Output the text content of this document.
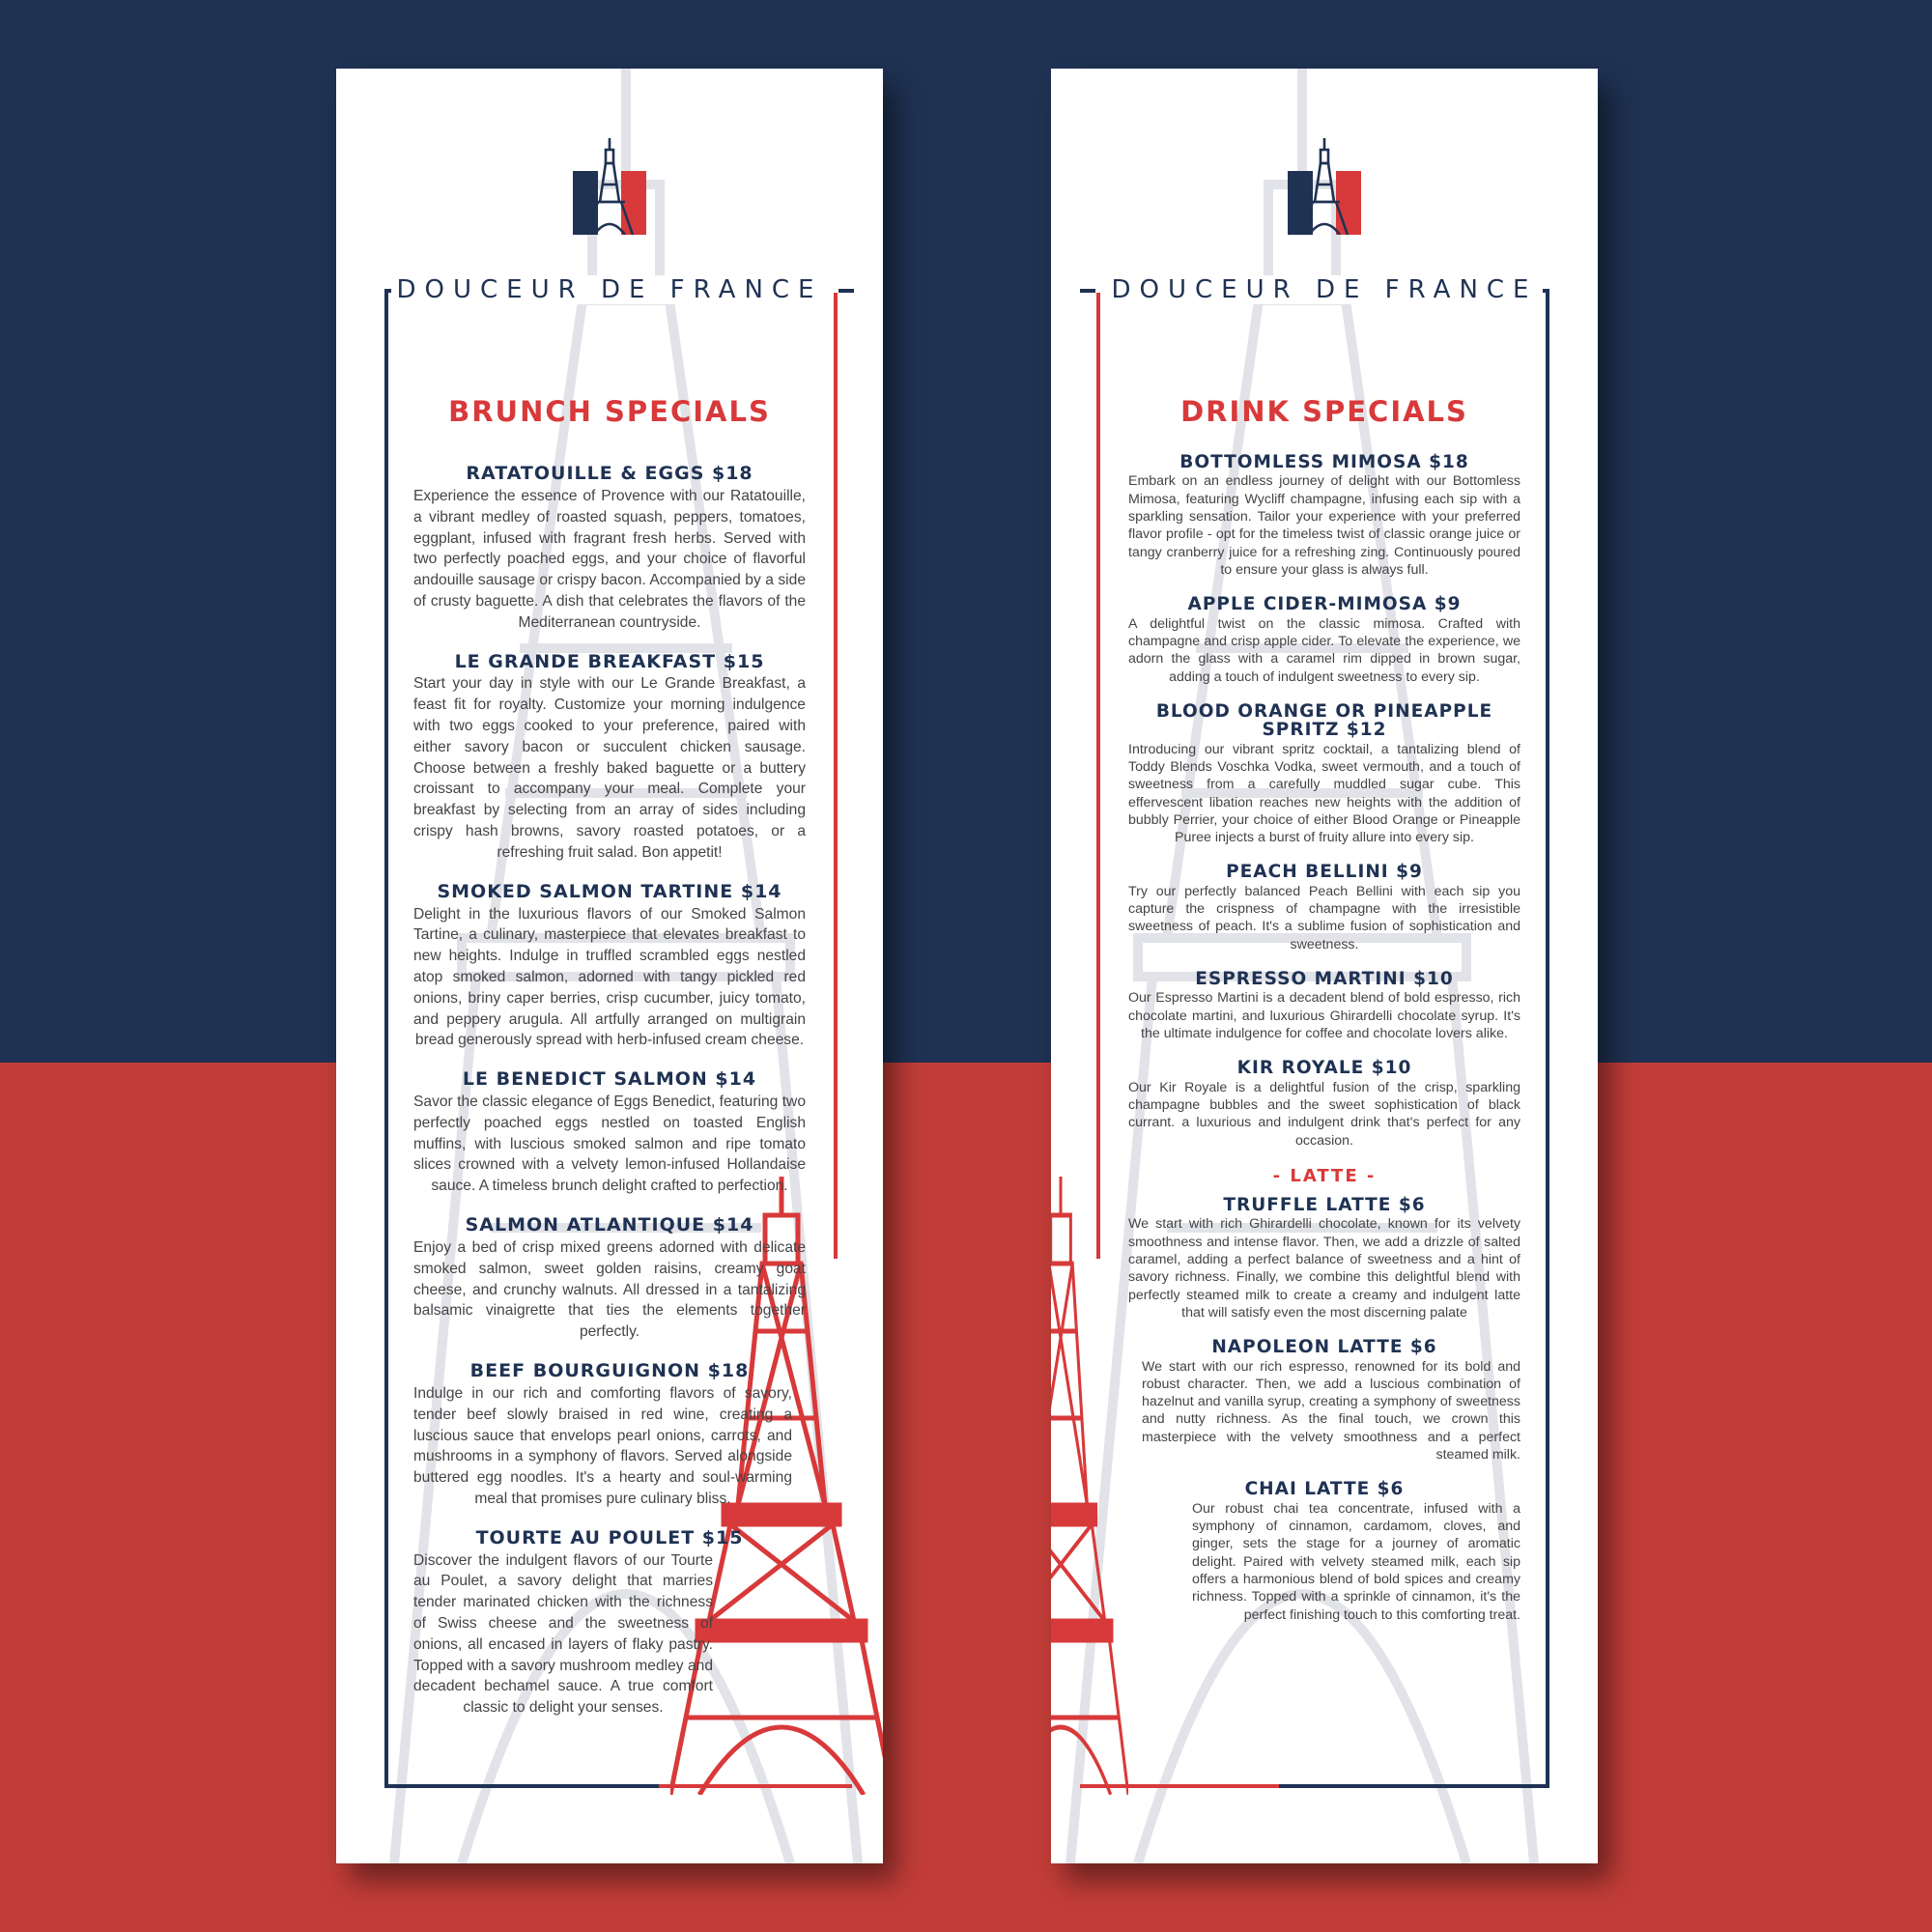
DOUCEUR DE FRANCE
BRUNCH SPECIALS
RATATOUILLE & EGGS $18
Experience the essence of Provence with our Ratatouille, a vibrant medley of roasted squash, peppers, tomatoes, eggplant, infused with fragrant fresh herbs. Served with two perfectly poached eggs, and your choice of flavorful andouille sausage or crispy bacon. Accompanied by a side of crusty baguette. A dish that celebrates the flavors of the Mediterranean countryside.
LE GRANDE BREAKFAST $15
Start your day in style with our Le Grande Breakfast, a feast fit for royalty. Customize your morning indulgence with two eggs cooked to your preference, paired with either savory bacon or succulent chicken sausage. Choose between a freshly baked baguette or a buttery croissant to accompany your meal. Complete your breakfast by selecting from an array of sides including crispy hash browns, savory roasted potatoes, or a refreshing fruit salad. Bon appetit!
SMOKED SALMON TARTINE $14
Delight in the luxurious flavors of our Smoked Salmon Tartine, a culinary, masterpiece that elevates breakfast to new heights. Indulge in truffled scrambled eggs nestled atop smoked salmon, adorned with tangy pickled red onions, briny caper berries, crisp cucumber, juicy tomato, and peppery arugula. All artfully arranged on multigrain bread generously spread with herb-infused cream cheese.
LE BENEDICT SALMON $14
Savor the classic elegance of Eggs Benedict, featuring two perfectly poached eggs nestled on toasted English muffins, with luscious smoked salmon and ripe tomato slices crowned with a velvety lemon-infused Hollandaise sauce. A timeless brunch delight crafted to perfection.
SALMON ATLANTIQUE $14
Enjoy a bed of crisp mixed greens adorned with delicate smoked salmon, sweet golden raisins, creamy goat cheese, and crunchy walnuts. All dressed in a tantalizing balsamic vinaigrette that ties the elements together perfectly.
BEEF BOURGUIGNON $18
Indulge in our rich and comforting flavors of savory, tender beef slowly braised in red wine, creating a luscious sauce that envelops pearl onions, carrots, and mushrooms in a symphony of flavors. Served alongside buttered egg noodles. It's a hearty and soul-warming meal that promises pure culinary bliss.
TOURTE AU POULET $15
Discover the indulgent flavors of our Tourte au Poulet, a savory delight that marries tender marinated chicken with the richness of Swiss cheese and the sweetness of onions, all encased in layers of flaky pastry. Topped with a savory mushroom medley and decadent bechamel sauce. A true comfort classic to delight your senses.
DOUCEUR DE FRANCE
DRINK SPECIALS
BOTTOMLESS MIMOSA $18
Embark on an endless journey of delight with our Bottomless Mimosa, featuring Wycliff champagne, infusing each sip with a sparkling sensation. Tailor your experience with your preferred flavor profile - opt for the timeless twist of classic orange juice or tangy cranberry juice for a refreshing zing. Continuously poured to ensure your glass is always full.
APPLE CIDER-MIMOSA $9
A delightful twist on the classic mimosa. Crafted with champagne and crisp apple cider. To elevate the experience, we adorn the glass with a caramel rim dipped in brown sugar, adding a touch of indulgent sweetness to every sip.
BLOOD ORANGE OR PINEAPPLE SPRITZ $12
Introducing our vibrant spritz cocktail, a tantalizing blend of Toddy Blends Voschka Vodka, sweet vermouth, and a touch of sweetness from a carefully muddled sugar cube. This effervescent libation reaches new heights with the addition of bubbly Perrier, your choice of either Blood Orange or Pineapple Puree injects a burst of fruity allure into every sip.
PEACH BELLINI $9
Try our perfectly balanced Peach Bellini with each sip you capture the crispness of champagne with the irresistible sweetness of peach. It's a sublime fusion of sophistication and sweetness.
ESPRESSO MARTINI $10
Our Espresso Martini is a decadent blend of bold espresso, rich chocolate martini, and luxurious Ghirardelli chocolate syrup. It's the ultimate indulgence for coffee and chocolate lovers alike.
KIR ROYALE $10
Our Kir Royale is a delightful fusion of the crisp, sparkling champagne bubbles and the sweet sophistication of black currant. a luxurious and indulgent drink that's perfect for any occasion.
- LATTE -
TRUFFLE LATTE $6
We start with rich Ghirardelli chocolate, known for its velvety smoothness and intense flavor. Then, we add a drizzle of salted caramel, adding a perfect balance of sweetness and a hint of savory richness. Finally, we combine this delightful blend with perfectly steamed milk to create a creamy and indulgent latte that will satisfy even the most discerning palate
NAPOLEON LATTE $6
We start with our rich espresso, renowned for its bold and robust character. Then, we add a luscious combination of hazelnut and vanilla syrup, creating a symphony of sweetness and nutty richness. As the final touch, we crown this masterpiece with the velvety smoothness and a perfect steamed milk.
CHAI LATTE $6
Our robust chai tea concentrate, infused with a symphony of cinnamon, cardamom, cloves, and ginger, sets the stage for a journey of aromatic delight. Paired with velvety steamed milk, each sip offers a harmonious blend of bold spices and creamy richness. Topped with a sprinkle of cinnamon, it's the perfect finishing touch to this comforting treat.
